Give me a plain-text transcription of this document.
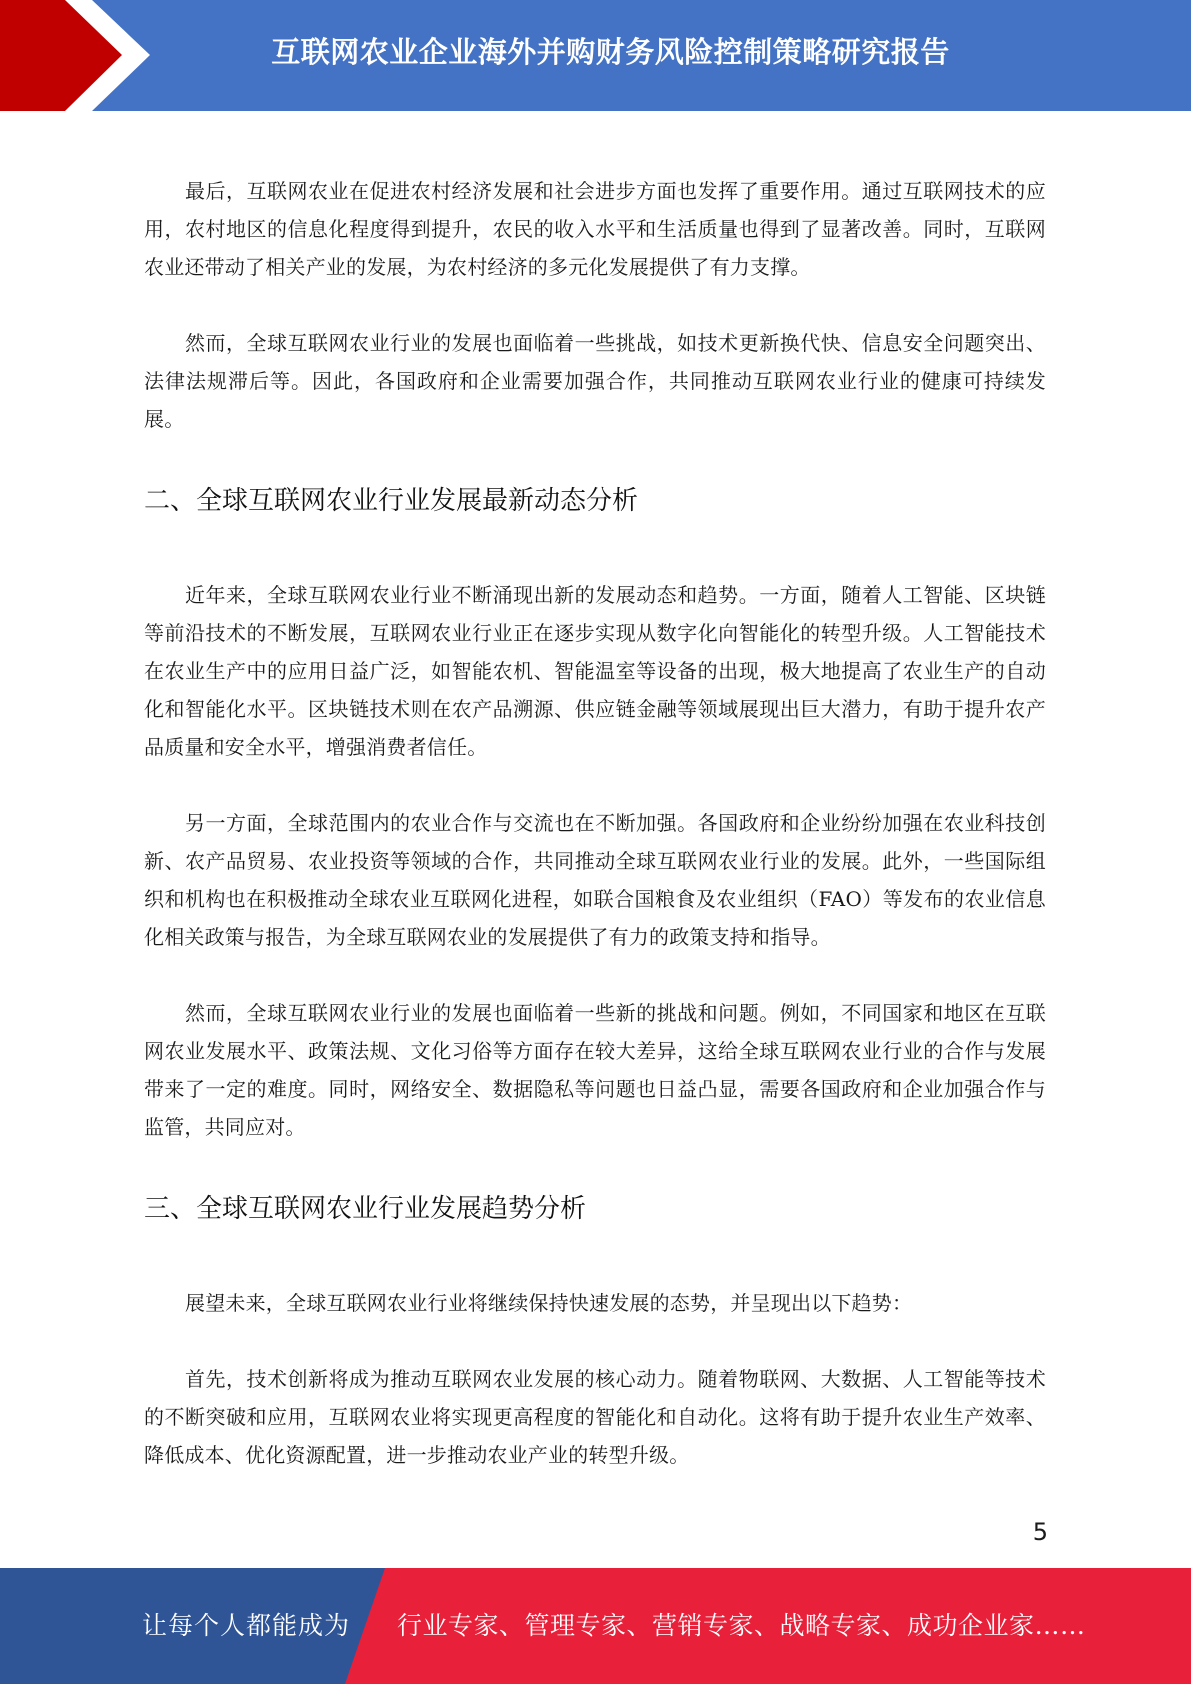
互联网农业企业海外并购财务风险控制策略研究报告

最后，互联网农业在促进农村经济发展和社会进步方面也发挥了重要作用。通过互联网技术的应用，农村地区的信息化程度得到提升，农民的收入水平和生活质量也得到了显著改善。同时，互联网农业还带动了相关产业的发展，为农村经济的多元化发展提供了有力支撑。

然而，全球互联网农业行业的发展也面临着一些挑战，如技术更新换代快、信息安全问题突出、法律法规滞后等。因此，各国政府和企业需要加强合作，共同推动互联网农业行业的健康可持续发展。

二、全球互联网农业行业发展最新动态分析

近年来，全球互联网农业行业不断涌现出新的发展动态和趋势。一方面，随着人工智能、区块链等前沿技术的不断发展，互联网农业行业正在逐步实现从数字化向智能化的转型升级。人工智能技术在农业生产中的应用日益广泛，如智能农机、智能温室等设备的出现，极大地提高了农业生产的自动化和智能化水平。区块链技术则在农产品溯源、供应链金融等领域展现出巨大潜力，有助于提升农产品质量和安全水平，增强消费者信任。

另一方面，全球范围内的农业合作与交流也在不断加强。各国政府和企业纷纷加强在农业科技创新、农产品贸易、农业投资等领域的合作，共同推动全球互联网农业行业的发展。此外，一些国际组织和机构也在积极推动全球农业互联网化进程，如联合国粮食及农业组织（FAO）等发布的农业信息化相关政策与报告，为全球互联网农业的发展提供了有力的政策支持和指导。

然而，全球互联网农业行业的发展也面临着一些新的挑战和问题。例如，不同国家和地区在互联网农业发展水平、政策法规、文化习俗等方面存在较大差异，这给全球互联网农业行业的合作与发展带来了一定的难度。同时，网络安全、数据隐私等问题也日益凸显，需要各国政府和企业加强合作与监管，共同应对。

三、全球互联网农业行业发展趋势分析

展望未来，全球互联网农业行业将继续保持快速发展的态势，并呈现出以下趋势：

首先，技术创新将成为推动互联网农业发展的核心动力。随着物联网、大数据、人工智能等技术的不断突破和应用，互联网农业将实现更高程度的智能化和自动化。这将有助于提升农业生产效率、降低成本、优化资源配置，进一步推动农业产业的转型升级。

5
让每个人都能成为 行业专家、管理专家、营销专家、战略专家、成功企业家……
